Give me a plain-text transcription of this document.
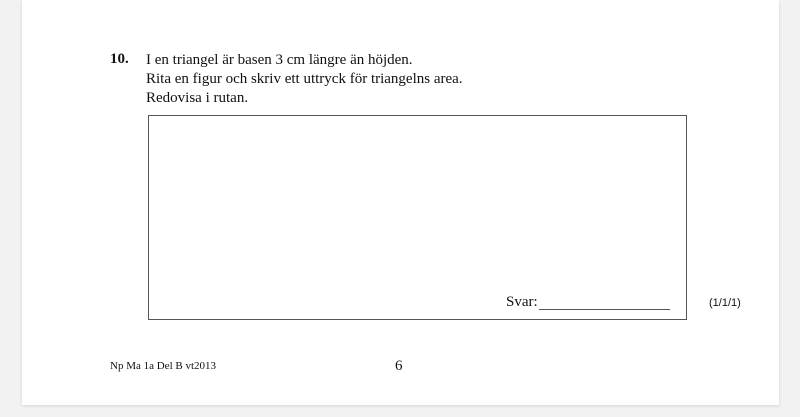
10. I en triangel är basen 3 cm längre än höjden.
Rita en figur och skriv ett uttryck för triangelns area.
Redovisa i rutan.
Svar:	(1/1/1)
Np Ma 1a Del B vt2013	6
